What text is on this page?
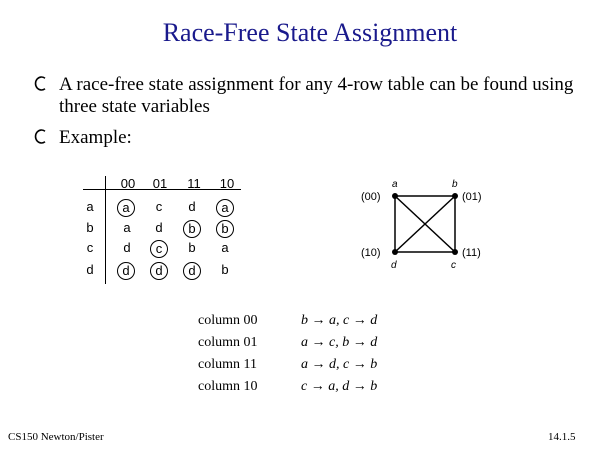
Race-Free State Assignment
A race-free state assignment for any 4-row table can be found using three state variables
Example:
00 01 11 10
a	a	c	d	a
b	a	d	b	b
c	d	c	b	a
d	d	d	d	b
a
(00)
b
(01)
d
(10)
c
(11)
column 00	b → a, c → d
column 01	a → c, b → d
column 11	a → d, c → b
column 10	c → a, d → b
CS150 Newton/Pister	14.1.5
